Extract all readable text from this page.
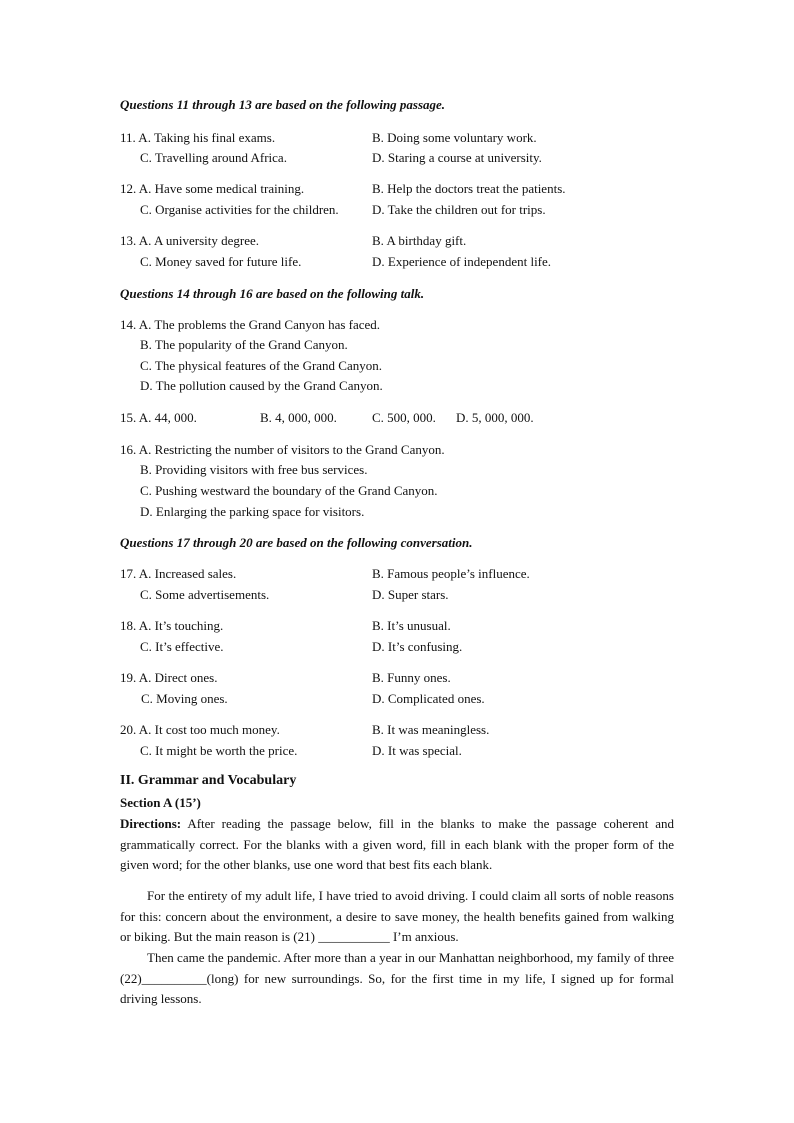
Questions 11 through 13 are based on the following passage.
11. A. Taking his final exams.	B. Doing some voluntary work.
C. Travelling around Africa.	D. Staring a course at university.
12. A. Have some medical training.	B. Help the doctors treat the patients.
C. Organise activities for the children.	D. Take the children out for trips.
13. A. A university degree.	B. A birthday gift.
C. Money saved for future life.	D. Experience of independent life.
Questions 14 through 16 are based on the following talk.
14. A. The problems the Grand Canyon has faced.
B. The popularity of the Grand Canyon.
C. The physical features of the Grand Canyon.
D. The pollution caused by the Grand Canyon.
15. A. 44, 000.	B. 4, 000, 000.	C. 500, 000. D. 5, 000, 000.
16. A. Restricting the number of visitors to the Grand Canyon.
B. Providing visitors with free bus services.
C. Pushing westward the boundary of the Grand Canyon.
D. Enlarging the parking space for visitors.
Questions 17 through 20 are based on the following conversation.
17. A. Increased sales.	B. Famous people’s influence.
C. Some advertisements.	D. Super stars.
18. A. It’s touching.	B. It’s unusual.
C. It’s effective.	D. It’s confusing.
19. A. Direct ones.	B. Funny ones.
C. Moving ones.	D. Complicated ones.
20. A. It cost too much money.	B. It was meaningless.
C. It might be worth the price.	D. It was special.
II. Grammar and Vocabulary
Section A (15’)
Directions: After reading the passage below, fill in the blanks to make the passage coherent and grammatically correct. For the blanks with a given word, fill in each blank with the proper form of the given word; for the other blanks, use one word that best fits each blank.
For the entirety of my adult life, I have tried to avoid driving. I could claim all sorts of noble reasons for this: concern about the environment, a desire to save money, the health benefits gained from walking or biking. But the main reason is (21) ___________ I’m anxious.
Then came the pandemic. After more than a year in our Manhattan neighborhood, my family of three (22)__________(long) for new surroundings. So, for the first time in my life, I signed up for formal driving lessons.
